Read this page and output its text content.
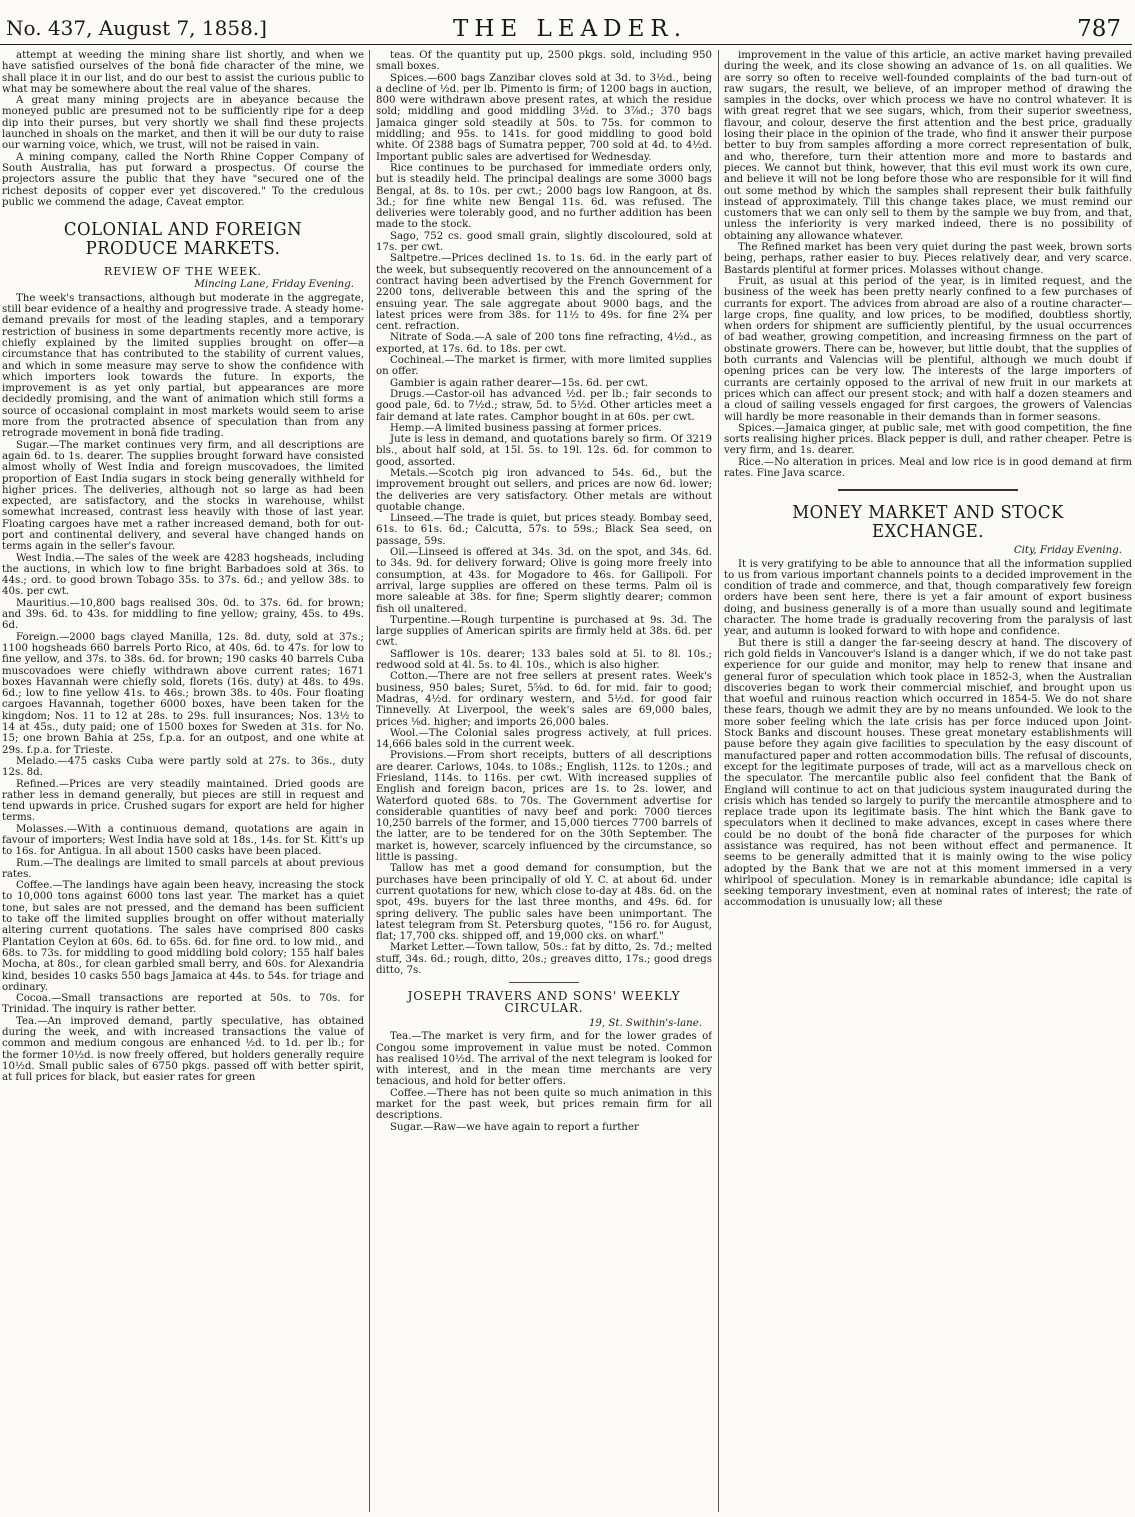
No. 437, August 7, 1858.]	THE LEADER.	787

attempt at weeding the mining share list shortly, and when we have satisfied ourselves of the bonâ fide character of the mine, we shall place it in our list, and do our best to assist the curious public to what may be somewhere about the real value of the shares.

A great many mining projects are in abeyance because the moneyed public are presumed not to be sufficiently ripe for a deep dip into their purses, but very shortly we shall find these projects launched in shoals on the market, and then it will be our duty to raise our warning voice, which, we trust, will not be raised in vain.

A mining company, called the North Rhine Copper Company of South Australia, has put forward a prospectus. Of course the projectors assure the public that they have "secured one of the richest deposits of copper ever yet discovered." To the credulous public we commend the adage, Caveat emptor.

COLONIAL AND FOREIGN PRODUCE MARKETS.
REVIEW OF THE WEEK.
Mincing Lane, Friday Evening.

The week's transactions, although but moderate in the aggregate, still bear evidence of a healthy and progressive trade. A steady home-demand prevails for most of the leading staples, and a temporary restriction of business in some departments recently more active, is chiefly explained by the limited supplies brought on offer—a circumstance that has contributed to the stability of current values, and which in some measure may serve to show the confidence with which importers look towards the future. In exports, the improvement is as yet only partial, but appearances are more decidedly promising, and the want of animation which still forms a source of occasional complaint in most markets would seem to arise more from the protracted absence of speculation than from any retrograde movement in bonâ fide trading.

Sugar.—The market continues very firm, and all descriptions are again 6d. to 1s. dearer. The supplies brought forward have consisted almost wholly of West India and foreign muscovadoes, the limited proportion of East India sugars in stock being generally withheld for higher prices. The deliveries, although not so large as had been expected, are satisfactory, and the stocks in warehouse, whilst somewhat increased, contrast less heavily with those of last year. Floating cargoes have met a rather increased demand, both for out-port and continental delivery, and several have changed hands on terms again in the seller's favour.

West India.—The sales of the week are 4283 hogsheads, including the auctions, in which low to fine bright Barbadoes sold at 36s. to 44s.; ord. to good brown Tobago 35s. to 37s. 6d.; and yellow 38s. to 40s. per cwt.

Mauritius.—10,800 bags realised 30s. 0d. to 37s. 6d. for brown; and 39s. 6d. to 43s. for middling to fine yellow; grainy, 45s. to 49s. 6d.

Foreign.—2000 bags clayed Manilla, 12s. 8d. duty, sold at 37s.; 1100 hogsheads 660 barrels Porto Rico, at 40s. 6d. to 47s. for low to fine yellow, and 37s. to 38s. 6d. for brown; 190 casks 40 barrels Cuba muscovadoes were chiefly withdrawn above current rates; 1671 boxes Havannah were chiefly sold, florets (16s. duty) at 48s. to 49s. 6d.; low to fine yellow 41s. to 46s.; brown 38s. to 40s. Four floating cargoes Havannah, together 6000 boxes, have been taken for the kingdom; Nos. 11 to 12 at 28s. to 29s. full insurances; Nos. 13½ to 14 at 45s., duty paid; one of 1500 boxes for Sweden at 31s. for No. 15; one brown Bahia at 25s, f.p.a. for an outpost, and one white at 29s. f.p.a. for Trieste.

Melado.—475 casks Cuba were partly sold at 27s. to 36s., duty 12s. 8d.

Refined.—Prices are very steadily maintained. Dried goods are rather less in demand generally, but pieces are still in request and tend upwards in price. Crushed sugars for export are held for higher terms.

Molasses.—With a continuous demand, quotations are again in favour of importers; West India have sold at 18s., 14s. for St. Kitt's up to 16s. for Antigua. In all about 1500 casks have been placed.

Rum.—The dealings are limited to small parcels at about previous rates.

Coffee.—The landings have again been heavy, increasing the stock to 10,000 tons against 6000 tons last year. The market has a quiet tone, but sales are not pressed, and the demand has been sufficient to take off the limited supplies brought on offer without materially altering current quotations. The sales have comprised 800 casks Plantation Ceylon at 60s. 6d. to 65s. 6d. for fine ord. to low mid., and 68s. to 73s. for middling to good middling bold colory; 155 half bales Mocha, at 80s., for clean garbled small berry, and 60s. for Alexandria kind, besides 10 casks 550 bags Jamaica at 44s. to 54s. for triage and ordinary.

Cocoa.—Small transactions are reported at 50s. to 70s. for Trinidad. The inquiry is rather better.

Tea.—An improved demand, partly speculative, has obtained during the week, and with increased transactions the value of common and medium congous are enhanced ½d. to 1d. per lb.; for the former 10½d. is now freely offered, but holders generally require 10½d. Small public sales of 6750 pkgs. passed off with better spirit, at full prices for black, but easier rates for green

teas. Of the quantity put up, 2500 pkgs. sold, including 950 small boxes.

Spices.—600 bags Zanzibar cloves sold at 3d. to 3½d., being a decline of ½d. per lb. Pimento is firm; of 1200 bags in auction, 800 were withdrawn above present rates, at which the residue sold; middling and good middling 3½d. to 3⅞d.; 370 bags Jamaica ginger sold steadily at 50s. to 75s. for common to middling; and 95s. to 141s. for good middling to good bold white. Of 2388 bags of Sumatra pepper, 700 sold at 4d. to 4½d. Important public sales are advertised for Wednesday.

Rice continues to be purchased for immediate orders only, but is steadily held. The principal dealings are some 3000 bags Bengal, at 8s. to 10s. per cwt.; 2000 bags low Rangoon, at 8s. 3d.; for fine white new Bengal 11s. 6d. was refused. The deliveries were tolerably good, and no further addition has been made to the stock.

Sago, 752 cs. good small grain, slightly discoloured, sold at 17s. per cwt.

Saltpetre.—Prices declined 1s. to 1s. 6d. in the early part of the week, but subsequently recovered on the announcement of a contract having been advertised by the French Government for 2200 tons, deliverable between this and the spring of the ensuing year. The sale aggregate about 9000 bags, and the latest prices were from 38s. for 11½ to 49s. for fine 2¾ per cent. refraction.

Nitrate of Soda.—A sale of 200 tons fine refracting, 4½d., as exported, at 17s. 6d. to 18s. per cwt.

Cochineal.—The market is firmer, with more limited supplies on offer.

Gambier is again rather dearer—15s. 6d. per cwt.

Drugs.—Castor-oil has advanced ½d. per lb.; fair seconds to good pale, 6d. to 7½d.; straw, 5d. to 5½d. Other articles meet a fair demand at late rates. Camphor bought in at 60s. per cwt.

Hemp.—A limited business passing at former prices.

Jute is less in demand, and quotations barely so firm. Of 3219 bls., about half sold, at 15l. 5s. to 19l. 12s. 6d. for common to good, assorted.

Metals.—Scotch pig iron advanced to 54s. 6d., but the improvement brought out sellers, and prices are now 6d. lower; the deliveries are very satisfactory. Other metals are without quotable change.

Linseed.—The trade is quiet, but prices steady. Bombay seed, 61s. to 61s. 6d.; Calcutta, 57s. to 59s.; Black Sea seed, on passage, 59s.

Oil.—Linseed is offered at 34s. 3d. on the spot, and 34s. 6d. to 34s. 9d. for delivery forward; Olive is going more freely into consumption, at 43s. for Mogadore to 46s. for Gallipoli. For arrival, large supplies are offered on these terms. Palm oil is more saleable at 38s. for fine; Sperm slightly dearer; common fish oil unaltered.

Turpentine.—Rough turpentine is purchased at 9s. 3d. The large supplies of American spirits are firmly held at 38s. 6d. per cwt.

Safflower is 10s. dearer; 133 bales sold at 5l. to 8l. 10s.; redwood sold at 4l. 5s. to 4l. 10s., which is also higher.

Cotton.—There are not free sellers at present rates. Week's business, 950 bales; Suret, 5⅝d. to 6d. for mid. fair to good; Madras, 4½d. for ordinary western, and 5½d. for good fair Tinnevelly. At Liverpool, the week's sales are 69,000 bales, prices ⅛d. higher; and imports 26,000 bales.

Wool.—The Colonial sales progress actively, at full prices. 14,666 bales sold in the current week.

Provisions.—From short receipts, butters of all descriptions are dearer. Carlows, 104s. to 108s.; English, 112s. to 120s.; and Friesland, 114s. to 116s. per cwt. With increased supplies of English and foreign bacon, prices are 1s. to 2s. lower, and Waterford quoted 68s. to 70s. The Government advertise for considerable quantities of navy beef and pork: 7000 tierces 10,250 barrels of the former, and 15,000 tierces 7700 barrels of the latter, are to be tendered for on the 30th September. The market is, however, scarcely influenced by the circumstance, so little is passing.

Tallow has met a good demand for consumption, but the purchases have been principally of old Y. C. at about 6d. under current quotations for new, which close to-day at 48s. 6d. on the spot, 49s. buyers for the last three months, and 49s. 6d. for spring delivery. The public sales have been unimportant. The latest telegram from St. Petersburg quotes, "156 ro. for August, flat; 17,700 cks. shipped off, and 19,000 cks. on wharf."

Market Letter.—Town tallow, 50s.: fat by ditto, 2s. 7d.; melted stuff, 34s. 6d.; rough, ditto, 20s.; greaves ditto, 17s.; good dregs ditto, 7s.

JOSEPH TRAVERS AND SONS' WEEKLY CIRCULAR.
19, St. Swithin's-lane.

Tea.—The market is very firm, and for the lower grades of Congou some improvement in value must be noted. Common has realised 10½d. The arrival of the next telegram is looked for with interest, and in the mean time merchants are very tenacious, and hold for better offers.

Coffee.—There has not been quite so much animation in this market for the past week, but prices remain firm for all descriptions.

Sugar.—Raw—we have again to report a further

improvement in the value of this article, an active market having prevailed during the week, and its close showing an advance of 1s. on all qualities. We are sorry so often to receive well-founded complaints of the bad turn-out of raw sugars, the result, we believe, of an improper method of drawing the samples in the docks, over which process we have no control whatever. It is with great regret that we see sugars, which, from their superior sweetness, flavour, and colour, deserve the first attention and the best price, gradually losing their place in the opinion of the trade, who find it answer their purpose better to buy from samples affording a more correct representation of bulk, and who, therefore, turn their attention more and more to bastards and pieces. We cannot but think, however, that this evil must work its own cure, and believe it will not be long before those who are responsible for it will find out some method by which the samples shall represent their bulk faithfully instead of approximately. Till this change takes place, we must remind our customers that we can only sell to them by the sample we buy from, and that, unless the inferiority is very marked indeed, there is no possibility of obtaining any allowance whatever.

The Refined market has been very quiet during the past week, brown sorts being, perhaps, rather easier to buy. Pieces relatively dear, and very scarce. Bastards plentiful at former prices. Molasses without change.

Fruit, as usual at this period of the year, is in limited request, and the business of the week has been pretty nearly confined to a few purchases of currants for export. The advices from abroad are also of a routine character—large crops, fine quality, and low prices, to be modified, doubtless shortly, when orders for shipment are sufficiently plentiful, by the usual occurrences of bad weather, growing competition, and increasing firmness on the part of obstinate growers. There can be, however, but little doubt, that the supplies of both currants and Valencias will be plentiful, although we much doubt if opening prices can be very low. The interests of the large importers of currants are certainly opposed to the arrival of new fruit in our markets at prices which can affect our present stock; and with half a dozen steamers and a cloud of sailing vessels engaged for first cargoes, the growers of Valencias will hardly be more reasonable in their demands than in former seasons.

Spices.—Jamaica ginger, at public sale, met with good competition, the fine sorts realising higher prices. Black pepper is dull, and rather cheaper. Petre is very firm, and 1s. dearer.

Rice.—No alteration in prices. Meal and low rice is in good demand at firm rates. Fine Java scarce.

MONEY MARKET AND STOCK EXCHANGE.
City, Friday Evening.

It is very gratifying to be able to announce that all the information supplied to us from various important channels points to a decided improvement in the condition of trade and commerce, and that, though comparatively few foreign orders have been sent here, there is yet a fair amount of export business doing, and business generally is of a more than usually sound and legitimate character. The home trade is gradually recovering from the paralysis of last year, and autumn is looked forward to with hope and confidence.

But there is still a danger the far-seeing descry at hand. The discovery of rich gold fields in Vancouver's Island is a danger which, if we do not take past experience for our guide and monitor, may help to renew that insane and general furor of speculation which took place in 1852-3, when the Australian discoveries began to work their commercial mischief, and brought upon us that woeful and ruinous reaction which occurred in 1854-5. We do not share these fears, though we admit they are by no means unfounded. We look to the more sober feeling which the late crisis has per force induced upon Joint-Stock Banks and discount houses. These great monetary establishments will pause before they again give facilities to speculation by the easy discount of manufactured paper and rotten accommodation bills. The refusal of discounts, except for the legitimate purposes of trade, will act as a marvellous check on the speculator. The mercantile public also feel confident that the Bank of England will continue to act on that judicious system inaugurated during the crisis which has tended so largely to purify the mercantile atmosphere and to replace trade upon its legitimate basis. The hint which the Bank gave to speculators when it declined to make advances, except in cases where there could be no doubt of the bonâ fide character of the purposes for which assistance was required, has not been without effect and permanence. It seems to be generally admitted that it is mainly owing to the wise policy adopted by the Bank that we are not at this moment immersed in a very whirlpool of speculation. Money is in remarkable abundance; idle capital is seeking temporary investment, even at nominal rates of interest; the rate of accommodation is unusually low; all these
